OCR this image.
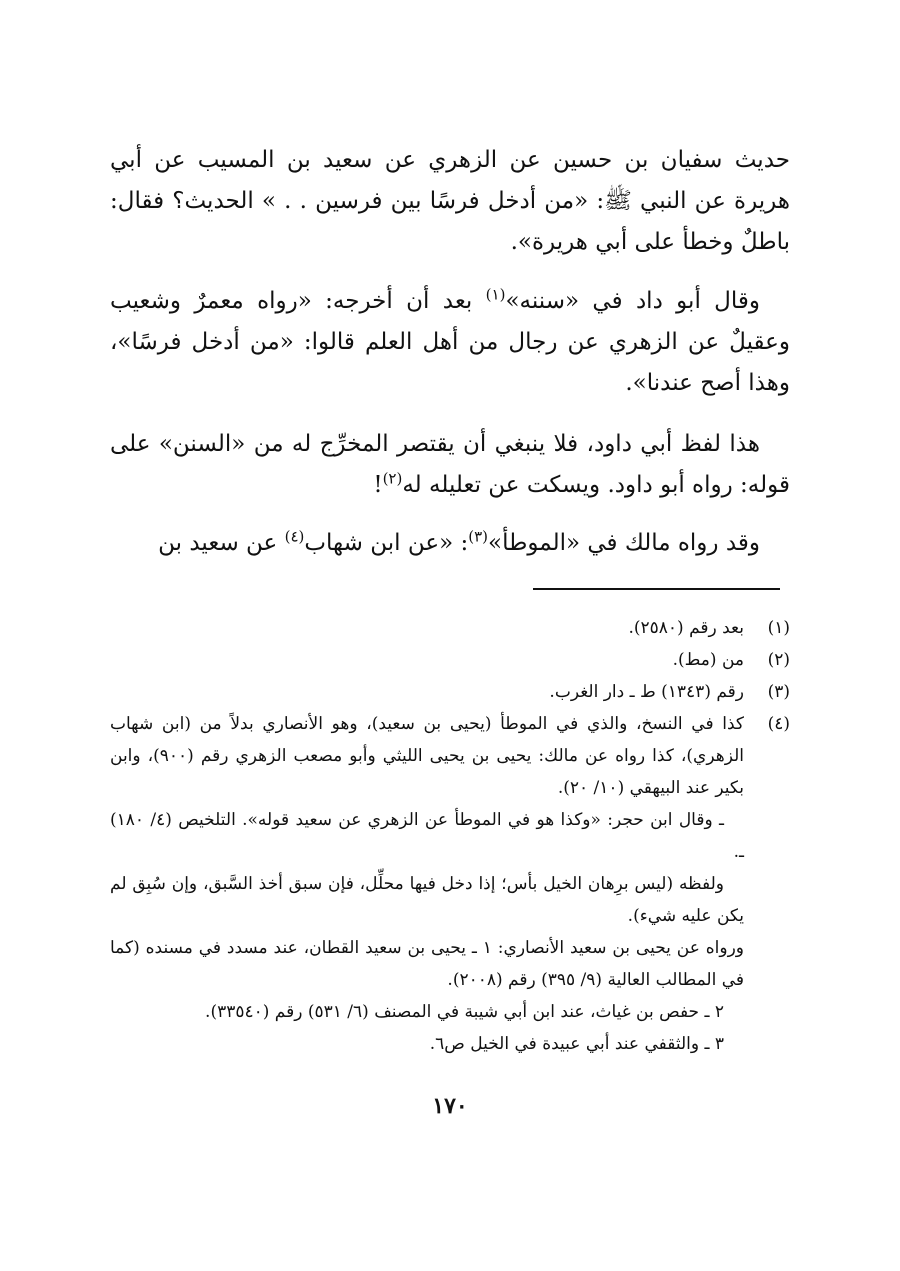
حديث سفيان بن حسين عن الزهري عن سعيد بن المسيب عن أبي هريرة عن النبي ﷺ: «من أدخل فرسًا بين فرسين . . » الحديث؟ فقال: باطلٌ وخطأ على أبي هريرة».

وقال أبو داد في «سننه»$^{(١)}$ بعد أن أخرجه: «رواه معمرٌ وشعيب وعقيلٌ عن الزهري عن رجال من أهل العلم قالوا: «من أدخل فرسًا»، وهذا أصح عندنا».

هذا لفظ أبي داود، فلا ينبغي أن يقتصر المخرِّج له من «السنن» على قوله: رواه أبو داود. ويسكت عن تعليله له$^{(٢)}$!

وقد رواه مالك في «الموطأ»$^{(٣)}$: «عن ابن شهاب$^{(٤)}$ عن سعيد بن

(١)
بعد رقم (٢٥٨٠).
(٢)
من (مط).
(٣)
رقم (١٣٤٣) ط ـ دار الغرب.
(٤)
كذا في النسخ، والذي في الموطأ (يحيى بن سعيد)، وهو الأنصاري بدلاً من (ابن شهاب الزهري)، كذا رواه عن مالك: يحيى بن يحيى الليثي وأبو مصعب الزهري رقم (٩٠٠)، وابن بكير عند البيهقي (١٠/ ٢٠).

ـ وقال ابن حجر: «وكذا هو في الموطأ عن الزهري عن سعيد قوله». التلخيص (٤/ ١٨٠) ـ.

ولفظه (ليس برِهان الخيل بأس؛ إذا دخل فيها محلِّل، فإن سبق أخذ السَّبق، وإن سُبِق لم يكن عليه شيء).

ورواه عن يحيى بن سعيد الأنصاري: ١ ـ يحيى بن سعيد القطان، عند مسدد في مسنده (كما في المطالب العالية (٩/ ٣٩٥) رقم (٢٠٠٨).

٢ ـ حفص بن غياث، عند ابن أبي شيبة في المصنف (٦/ ٥٣١) رقم (٣٣٥٤٠).

٣ ـ والثقفي عند أبي عبيدة في الخيل ص٦.

١٧٠
